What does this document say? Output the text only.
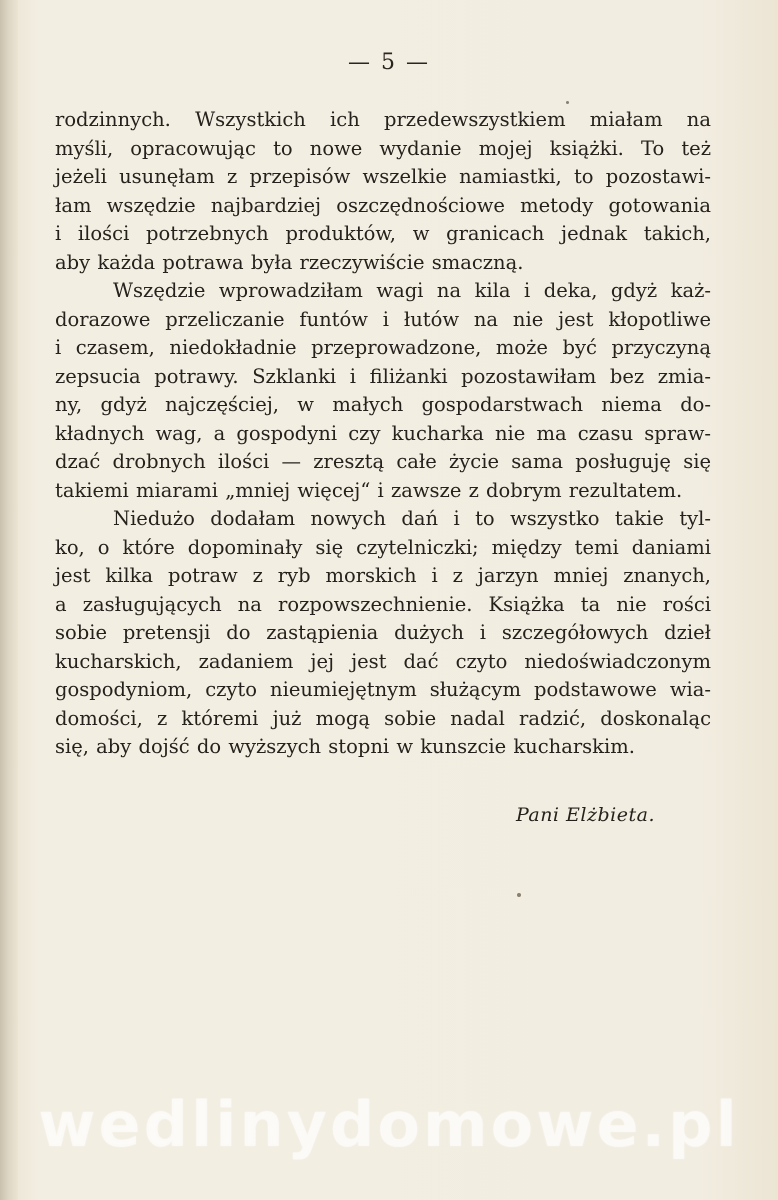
— 5 —
rodzinnych. Wszystkich ich przedewszystkiem miałam na
myśli, opracowując to nowe wydanie mojej książki. To też
jeżeli usunęłam z przepisów wszelkie namiastki, to pozostawi-
łam wszędzie najbardziej oszczędnościowe metody gotowania
i ilości potrzebnych produktów, w granicach jednak takich,
aby każda potrawa była rzeczywiście smaczną.
Wszędzie wprowadziłam wagi na kila i deka, gdyż każ-
dorazowe przeliczanie funtów i łutów na nie jest kłopotliwe
i czasem, niedokładnie przeprowadzone, może być przyczyną
zepsucia potrawy. Szklanki i filiżanki pozostawiłam bez zmia-
ny, gdyż najczęściej, w małych gospodarstwach niema do-
kładnych wag, a gospodyni czy kucharka nie ma czasu spraw-
dzać drobnych ilości — zresztą całe życie sama posługuję się
takiemi miarami „mniej więcej“ i zawsze z dobrym rezultatem.
Niedużo dodałam nowych dań i to wszystko takie tyl-
ko, o które dopominały się czytelniczki; między temi daniami
jest kilka potraw z ryb morskich i z jarzyn mniej znanych,
a zasługujących na rozpowszechnienie. Książka ta nie rości
sobie pretensji do zastąpienia dużych i szczegółowych dzieł
kucharskich, zadaniem jej jest dać czyto niedoświadczonym
gospodyniom, czyto nieumiejętnym służącym podstawowe wia-
domości, z któremi już mogą sobie nadal radzić, doskonaląc
się, aby dojść do wyższych stopni w kunszcie kucharskim.
Pani Elżbieta.
wedlinydomowe.pl
